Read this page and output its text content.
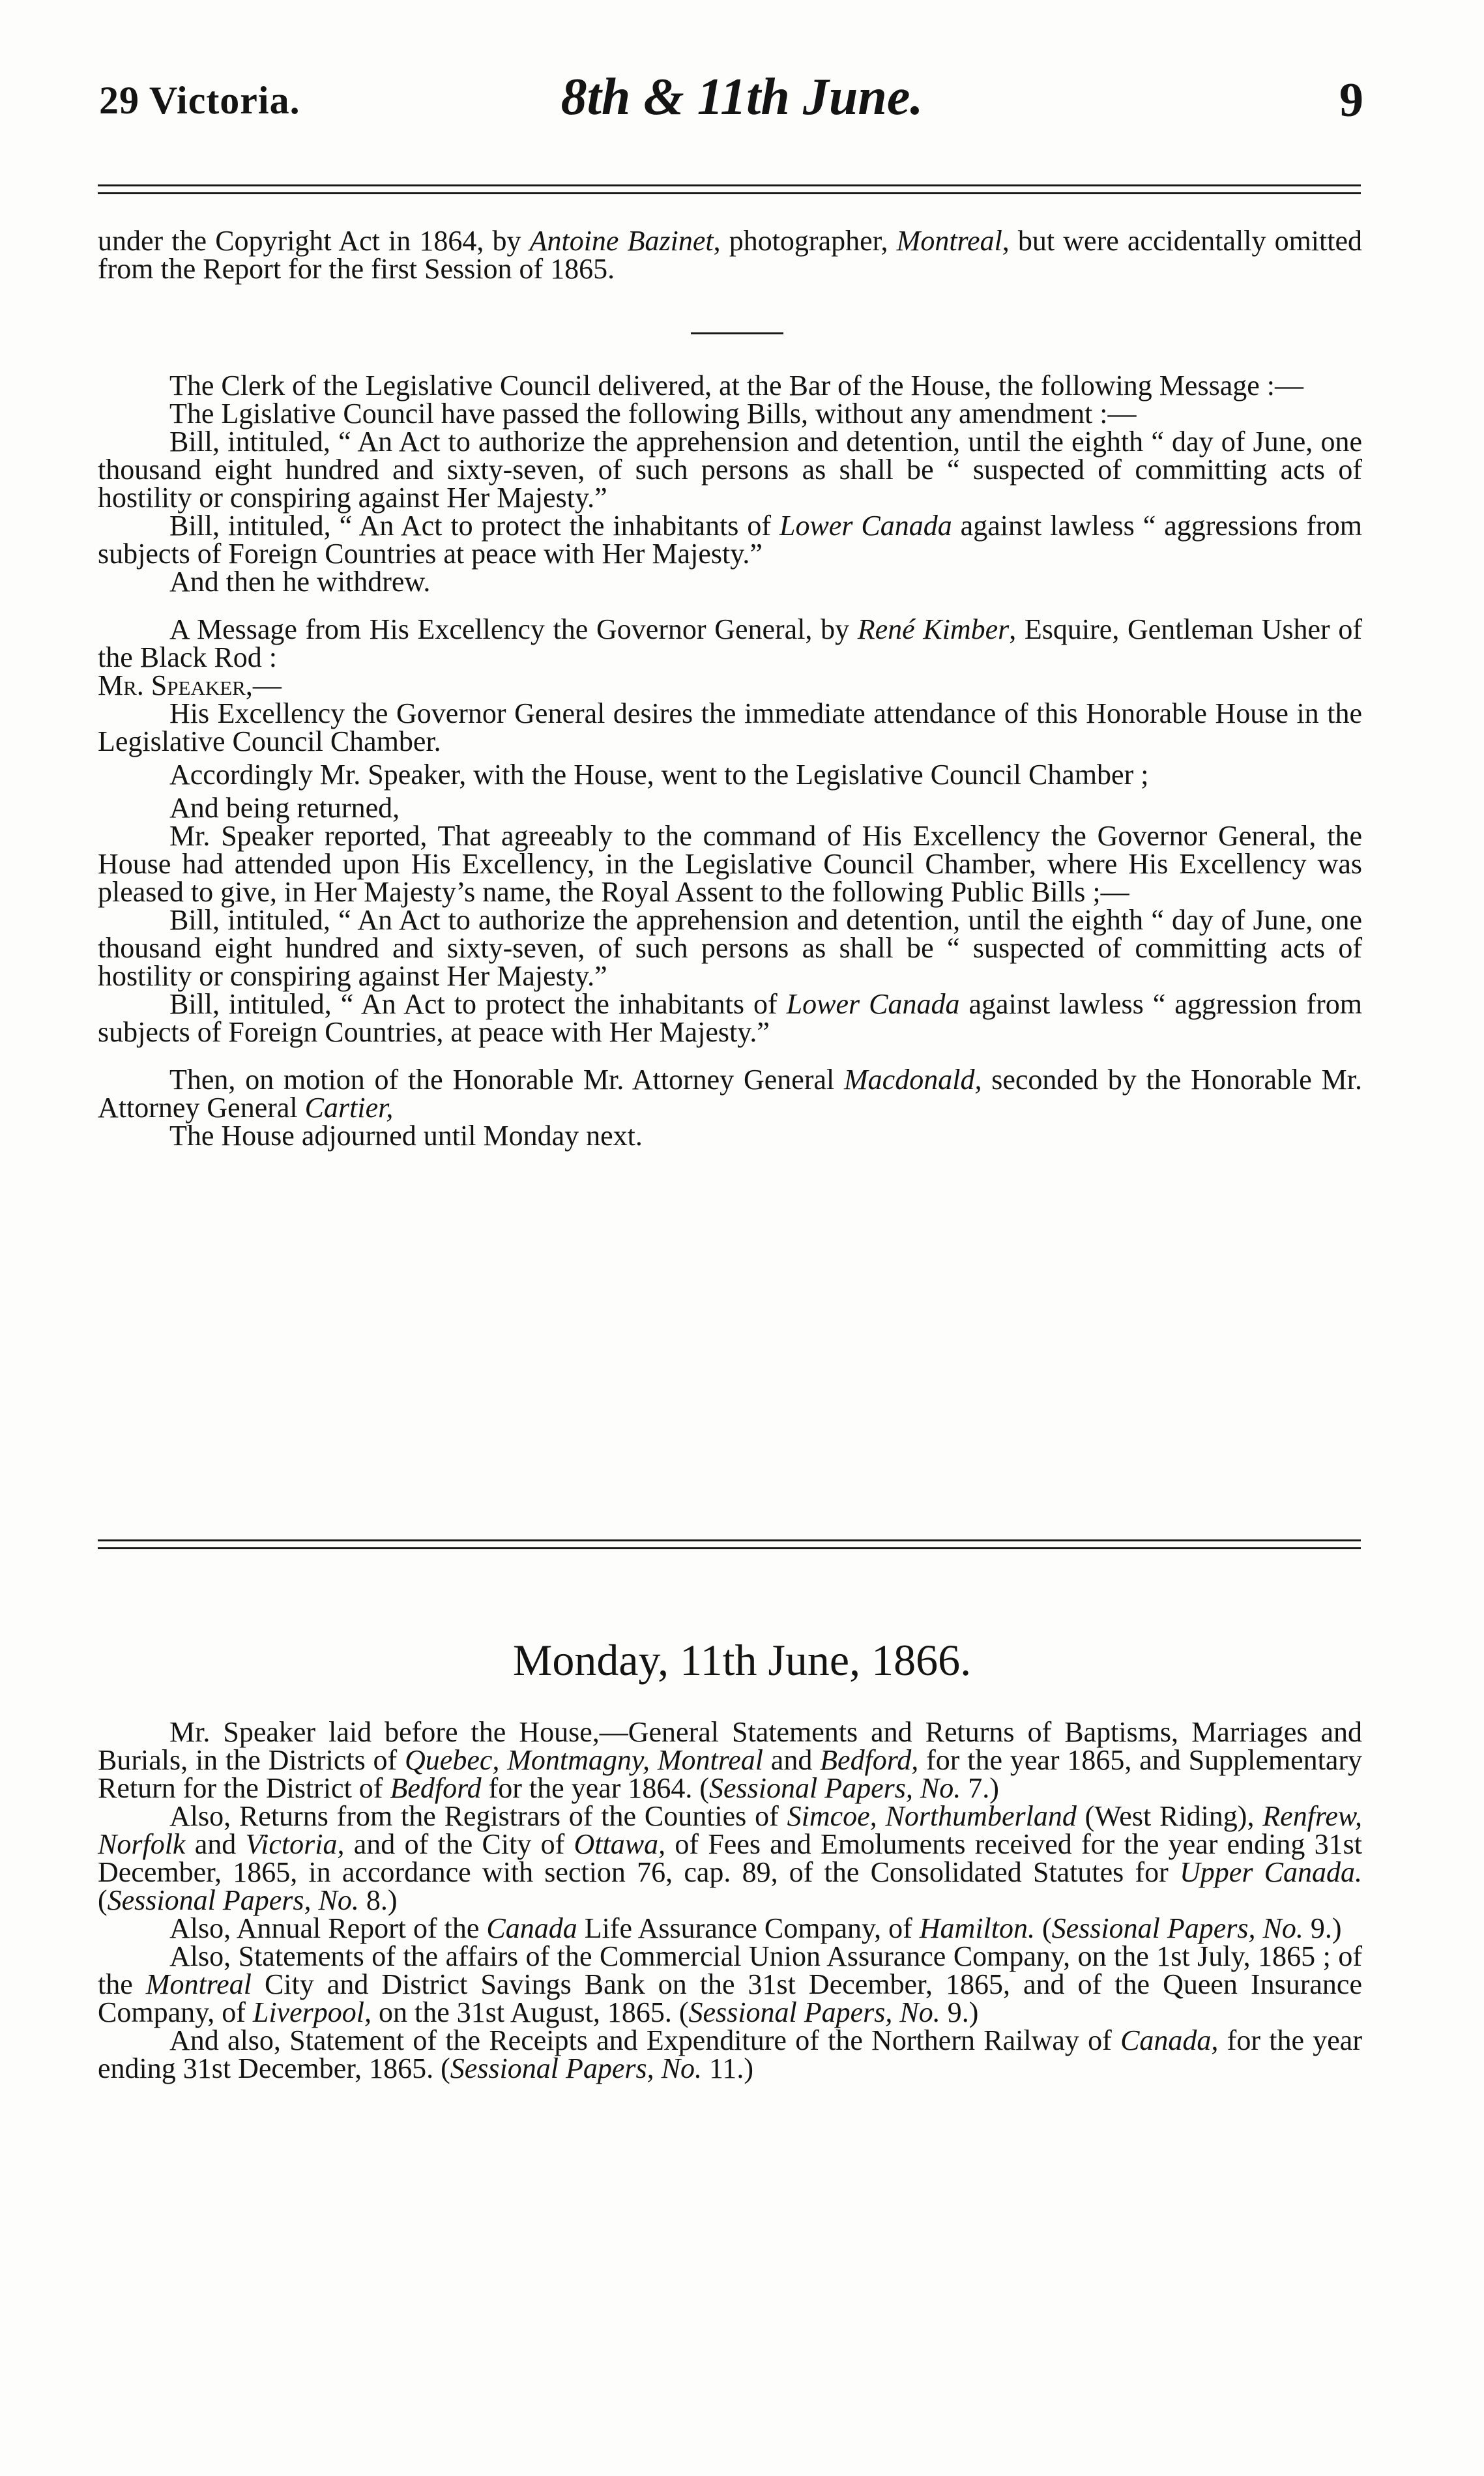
29 Victoria.	8th & 11th June.	9

under the Copyright Act in 1864, by Antoine Bazinet, photographer, Montreal, but were accidentally omitted from the Report for the first Session of 1865.

The Clerk of the Legislative Council delivered, at the Bar of the House, the following Message :—

The Lgislative Council have passed the following Bills, without any amendment :—

Bill, intituled, “ An Act to authorize the apprehension and detention, until the eighth “ day of June, one thousand eight hundred and sixty-seven, of such persons as shall be “ suspected of committing acts of hostility or conspiring against Her Majesty.”

Bill, intituled, “ An Act to protect the inhabitants of Lower Canada against lawless “ aggressions from subjects of Foreign Countries at peace with Her Majesty.”

And then he withdrew.

A Message from His Excellency the Governor General, by René Kimber, Esquire, Gentleman Usher of the Black Rod :

Mr. Speaker,—

His Excellency the Governor General desires the immediate attendance of this Honorable House in the Legislative Council Chamber.

Accordingly Mr. Speaker, with the House, went to the Legislative Council Chamber ;

And being returned,

Mr. Speaker reported, That agreeably to the command of His Excellency the Governor General, the House had attended upon His Excellency, in the Legislative Council Chamber, where His Excellency was pleased to give, in Her Majesty’s name, the Royal Assent to the following Public Bills ;—

Bill, intituled, “ An Act to authorize the apprehension and detention, until the eighth “ day of June, one thousand eight hundred and sixty-seven, of such persons as shall be “ suspected of committing acts of hostility or conspiring against Her Majesty.”

Bill, intituled, “ An Act to protect the inhabitants of Lower Canada against lawless “ aggression from subjects of Foreign Countries, at peace with Her Majesty.”

Then, on motion of the Honorable Mr. Attorney General Macdonald, seconded by the Honorable Mr. Attorney General Cartier,

The House adjourned until Monday next.

Monday, 11th June, 1866.

Mr. Speaker laid before the House,—General Statements and Returns of Baptisms, Marriages and Burials, in the Districts of Quebec, Montmagny, Montreal and Bedford, for the year 1865, and Supplementary Return for the District of Bedford for the year 1864. (Sessional Papers, No. 7.)

Also, Returns from the Registrars of the Counties of Simcoe, Northumberland (West Riding), Renfrew, Norfolk and Victoria, and of the City of Ottawa, of Fees and Emoluments received for the year ending 31st December, 1865, in accordance with section 76, cap. 89, of the Consolidated Statutes for Upper Canada. (Sessional Papers, No. 8.)

Also, Annual Report of the Canada Life Assurance Company, of Hamilton. (Sessional Papers, No. 9.)

Also, Statements of the affairs of the Commercial Union Assurance Company, on the 1st July, 1865 ; of the Montreal City and District Savings Bank on the 31st December, 1865, and of the Queen Insurance Company, of Liverpool, on the 31st August, 1865. (Sessional Papers, No. 9.)

And also, Statement of the Receipts and Expenditure of the Northern Railway of Canada, for the year ending 31st December, 1865. (Sessional Papers, No. 11.)
